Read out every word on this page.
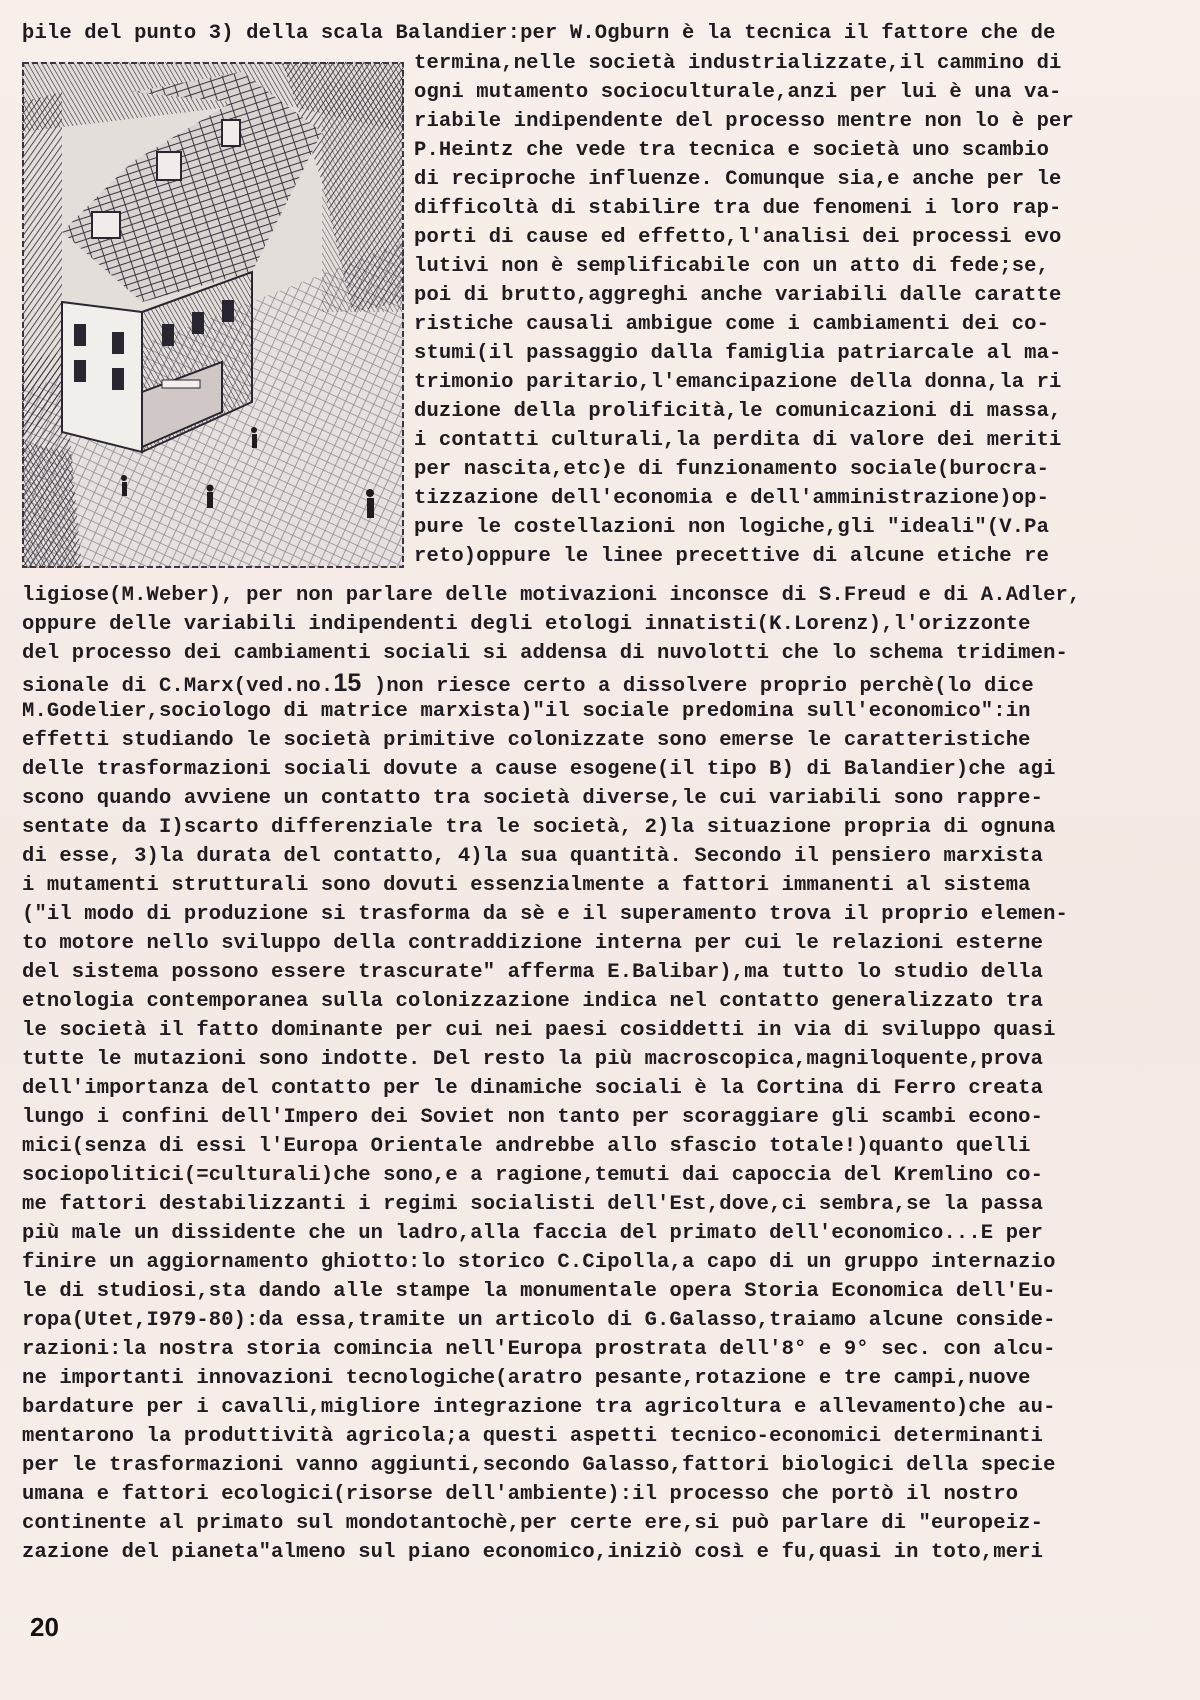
þile del punto 3) della scala Balandier:per W.Ogburn è la tecnica il fattore che de

termina,nelle società industrializzate,il cammino di

ogni mutamento socioculturale,anzi per lui è una va-

riabile indipendente del processo mentre non lo è per

P.Heintz che vede tra tecnica e società uno scambio

di reciproche influenze. Comunque sia,e anche per le

difficoltà di stabilire tra due fenomeni i loro rap-

porti di cause ed effetto,l'analisi dei processi evo

lutivi non è semplificabile con un atto di fede;se,

poi di brutto,aggreghi anche variabili dalle caratte

ristiche causali ambigue come i cambiamenti dei co-

stumi(il passaggio dalla famiglia patriarcale al ma-

trimonio paritario,l'emancipazione della donna,la ri

duzione della prolificità,le comunicazioni di massa,

i contatti culturali,la perdita di valore dei meriti

per nascita,etc)e di funzionamento sociale(burocra-

tizzazione dell'economia e dell'amministrazione)op-

pure le costellazioni non logiche,gli "ideali"(V.Pa

reto)oppure le linee precettive di alcune etiche re

ligiose(M.Weber), per non parlare delle motivazioni inconsce di S.Freud e di A.Adler,

oppure delle variabili indipendenti degli etologi innatisti(K.Lorenz),l'orizzonte

del processo dei cambiamenti sociali si addensa di nuvolotti che lo schema tridimen-

sionale di C.Marx(ved.no.15 )non riesce certo a dissolvere proprio perchè(lo dice

M.Godelier,sociologo di matrice marxista)"il sociale predomina sull'economico":in

effetti studiando le società primitive colonizzate sono emerse le caratteristiche

delle trasformazioni sociali dovute a cause esogene(il tipo B) di Balandier)che agi

scono quando avviene un contatto tra società diverse,le cui variabili sono rappre-

sentate da I)scarto differenziale tra le società, 2)la situazione propria di ognuna

di esse, 3)la durata del contatto, 4)la sua quantità. Secondo il pensiero marxista

i mutamenti strutturali sono dovuti essenzialmente a fattori immanenti al sistema

("il modo di produzione si trasforma da sè e il superamento trova il proprio elemen-

to motore nello sviluppo della contraddizione interna per cui le relazioni esterne

del sistema possono essere trascurate" afferma E.Balibar),ma tutto lo studio della

etnologia contemporanea sulla colonizzazione indica nel contatto generalizzato tra

le società il fatto dominante per cui nei paesi cosiddetti in via di sviluppo quasi

tutte le mutazioni sono indotte. Del resto la più macroscopica,magniloquente,prova

dell'importanza del contatto per le dinamiche sociali è la Cortina di Ferro creata

lungo i confini dell'Impero dei Soviet non tanto per scoraggiare gli scambi econo-

mici(senza di essi l'Europa Orientale andrebbe allo sfascio totale!)quanto quelli

sociopolitici(=culturali)che sono,e a ragione,temuti dai capoccia del Kremlino co-

me fattori destabilizzanti i regimi socialisti dell'Est,dove,ci sembra,se la passa

più male un dissidente che un ladro,alla faccia del primato dell'economico...E per

finire un aggiornamento ghiotto:lo storico C.Cipolla,a capo di un gruppo internazio

le di studiosi,sta dando alle stampe la monumentale opera Storia Economica dell'Eu-

ropa(Utet,I979-80):da essa,tramite un articolo di G.Galasso,traiamo alcune conside-

razioni:la nostra storia comincia nell'Europa prostrata dell'8° e 9° sec. con alcu-

ne importanti innovazioni tecnologiche(aratro pesante,rotazione e tre campi,nuove

bardature per i cavalli,migliore integrazione tra agricoltura e allevamento)che au-

mentarono la produttività agricola;a questi aspetti tecnico-economici determinanti

per le trasformazioni vanno aggiunti,secondo Galasso,fattori biologici della specie

umana e fattori ecologici(risorse dell'ambiente):il processo che portò il nostro

continente al primato sul mondotantochè,per certe ere,si può parlare di "europeiz-

zazione del pianeta"almeno sul piano economico,iniziò così e fu,quasi in toto,meri

20
